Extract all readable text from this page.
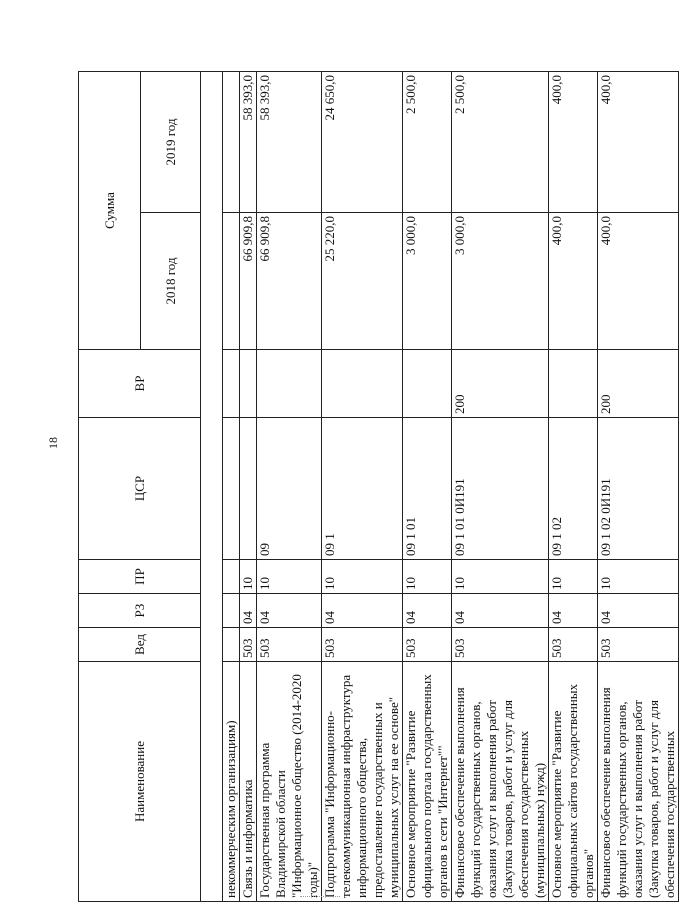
18
Наименование	Вед	РЗ	ПР	ЦСР	ВР	Сумма	
						2018 год	2019 год

некоммерческим организациям)							
Связь и информатика	503	04	10			66 909,8	58 393,0
Государственная программа Владимирской области "Информационное общество (2014-2020 годы)"	503	04	10	09		66 909,8	58 393,0
Подпрограмма "Информационно-телекоммуникационная инфраструктура информационного общества, предоставление государственных и муниципальных услуг на ее основе"	503	04	10	09 1		25 220,0	24 650,0
Основное мероприятие "Развитие официального портала государственных органов в сети "Интернет""	503	04	10	09 1 01		3 000,0	2 500,0
Финансовое обеспечение выполнения функций государственных органов, оказания услуг и выполнения работ (Закупка товаров, работ и услуг для обеспечения государственных (муниципальных) нужд)	503	04	10	09 1 01 0И191	200	3 000,0	2 500,0
Основное мероприятие "Развитие официальных сайтов государственных органов"	503	04	10	09 1 02		400,0	400,0
Финансовое обеспечение выполнения функций государственных органов, оказания услуг и выполнения работ (Закупка товаров, работ и услуг для обеспечения государственных	503	04	10	09 1 02 0И191	200	400,0	400,0
